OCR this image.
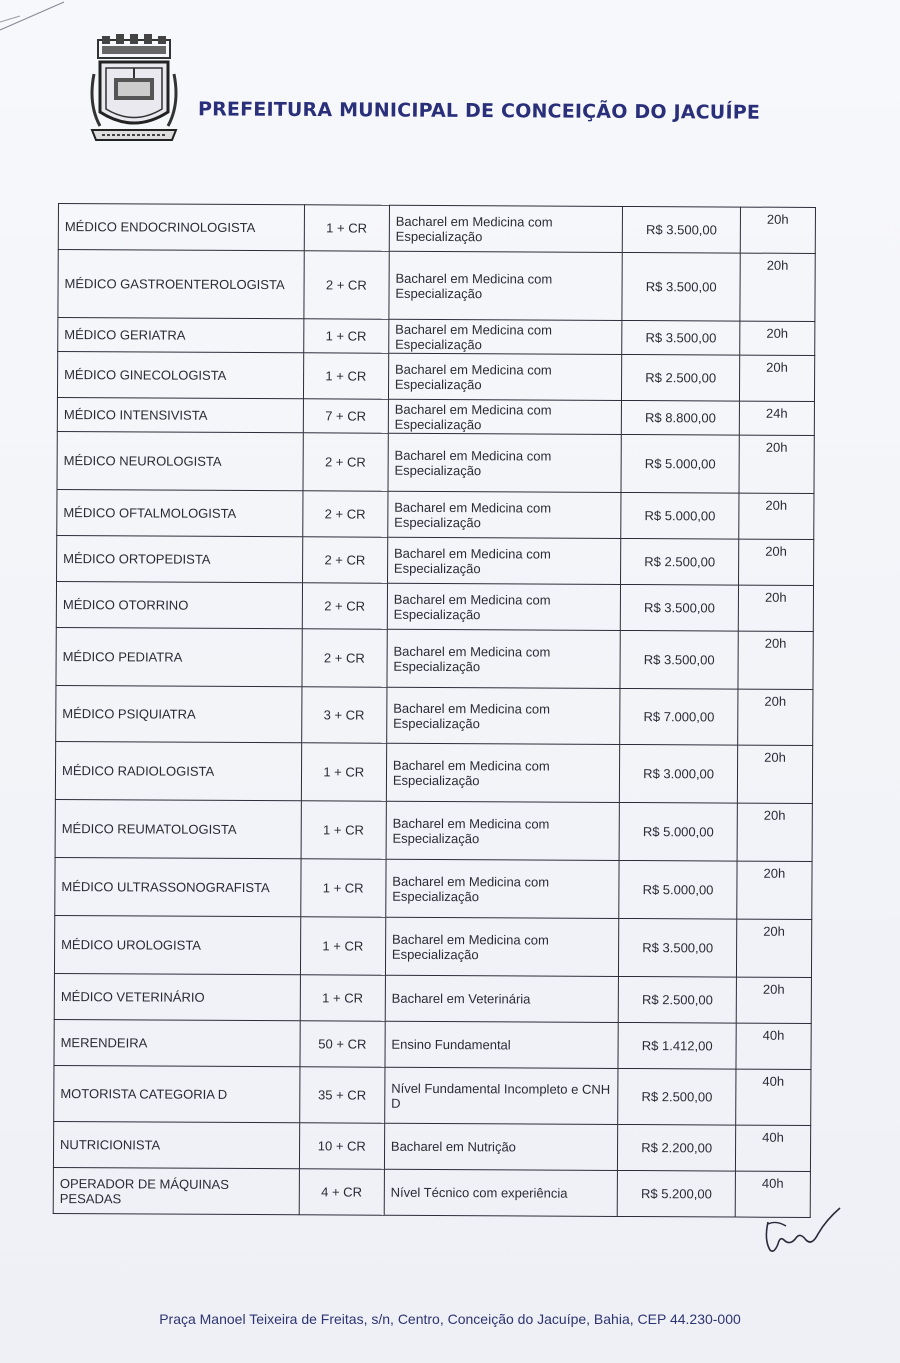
PREFEITURA MUNICIPAL DE CONCEIÇÃO DO JACUÍPE
MÉDICO ENDOCRINOLOGISTA	1 + CR	Bacharel em Medicina com Especialização	R$ 3.500,00	20h
MÉDICO GASTROENTEROLOGISTA	2 + CR	Bacharel em Medicina com Especialização	R$ 3.500,00	20h
MÉDICO GERIATRA	1 + CR	Bacharel em Medicina com Especialização	R$ 3.500,00	20h
MÉDICO GINECOLOGISTA	1 + CR	Bacharel em Medicina com Especialização	R$ 2.500,00	20h
MÉDICO INTENSIVISTA	7 + CR	Bacharel em Medicina com Especialização	R$ 8.800,00	24h
MÉDICO NEUROLOGISTA	2 + CR	Bacharel em Medicina com Especialização	R$ 5.000,00	20h
MÉDICO OFTALMOLOGISTA	2 + CR	Bacharel em Medicina com Especialização	R$ 5.000,00	20h
MÉDICO ORTOPEDISTA	2 + CR	Bacharel em Medicina com Especialização	R$ 2.500,00	20h
MÉDICO OTORRINO	2 + CR	Bacharel em Medicina com Especialização	R$ 3.500,00	20h
MÉDICO PEDIATRA	2 + CR	Bacharel em Medicina com Especialização	R$ 3.500,00	20h
MÉDICO PSIQUIATRA	3 + CR	Bacharel em Medicina com Especialização	R$ 7.000,00	20h
MÉDICO RADIOLOGISTA	1 + CR	Bacharel em Medicina com Especialização	R$ 3.000,00	20h
MÉDICO REUMATOLOGISTA	1 + CR	Bacharel em Medicina com Especialização	R$ 5.000,00	20h
MÉDICO ULTRASSONOGRAFISTA	1 + CR	Bacharel em Medicina com Especialização	R$ 5.000,00	20h
MÉDICO UROLOGISTA	1 + CR	Bacharel em Medicina com Especialização	R$ 3.500,00	20h
MÉDICO VETERINÁRIO	1 + CR	Bacharel em Veterinária	R$ 2.500,00	20h
MERENDEIRA	50 + CR	Ensino Fundamental	R$ 1.412,00	40h
MOTORISTA CATEGORIA D	35 + CR	Nível Fundamental Incompleto e CNH D	R$ 2.500,00	40h
NUTRICIONISTA	10 + CR	Bacharel em Nutrição	R$ 2.200,00	40h
OPERADOR DE MÁQUINAS PESADAS	4 + CR	Nível Técnico com experiência	R$ 5.200,00	40h
Praça Manoel Teixeira de Freitas, s/n, Centro, Conceição do Jacuípe, Bahia, CEP 44.230-000
